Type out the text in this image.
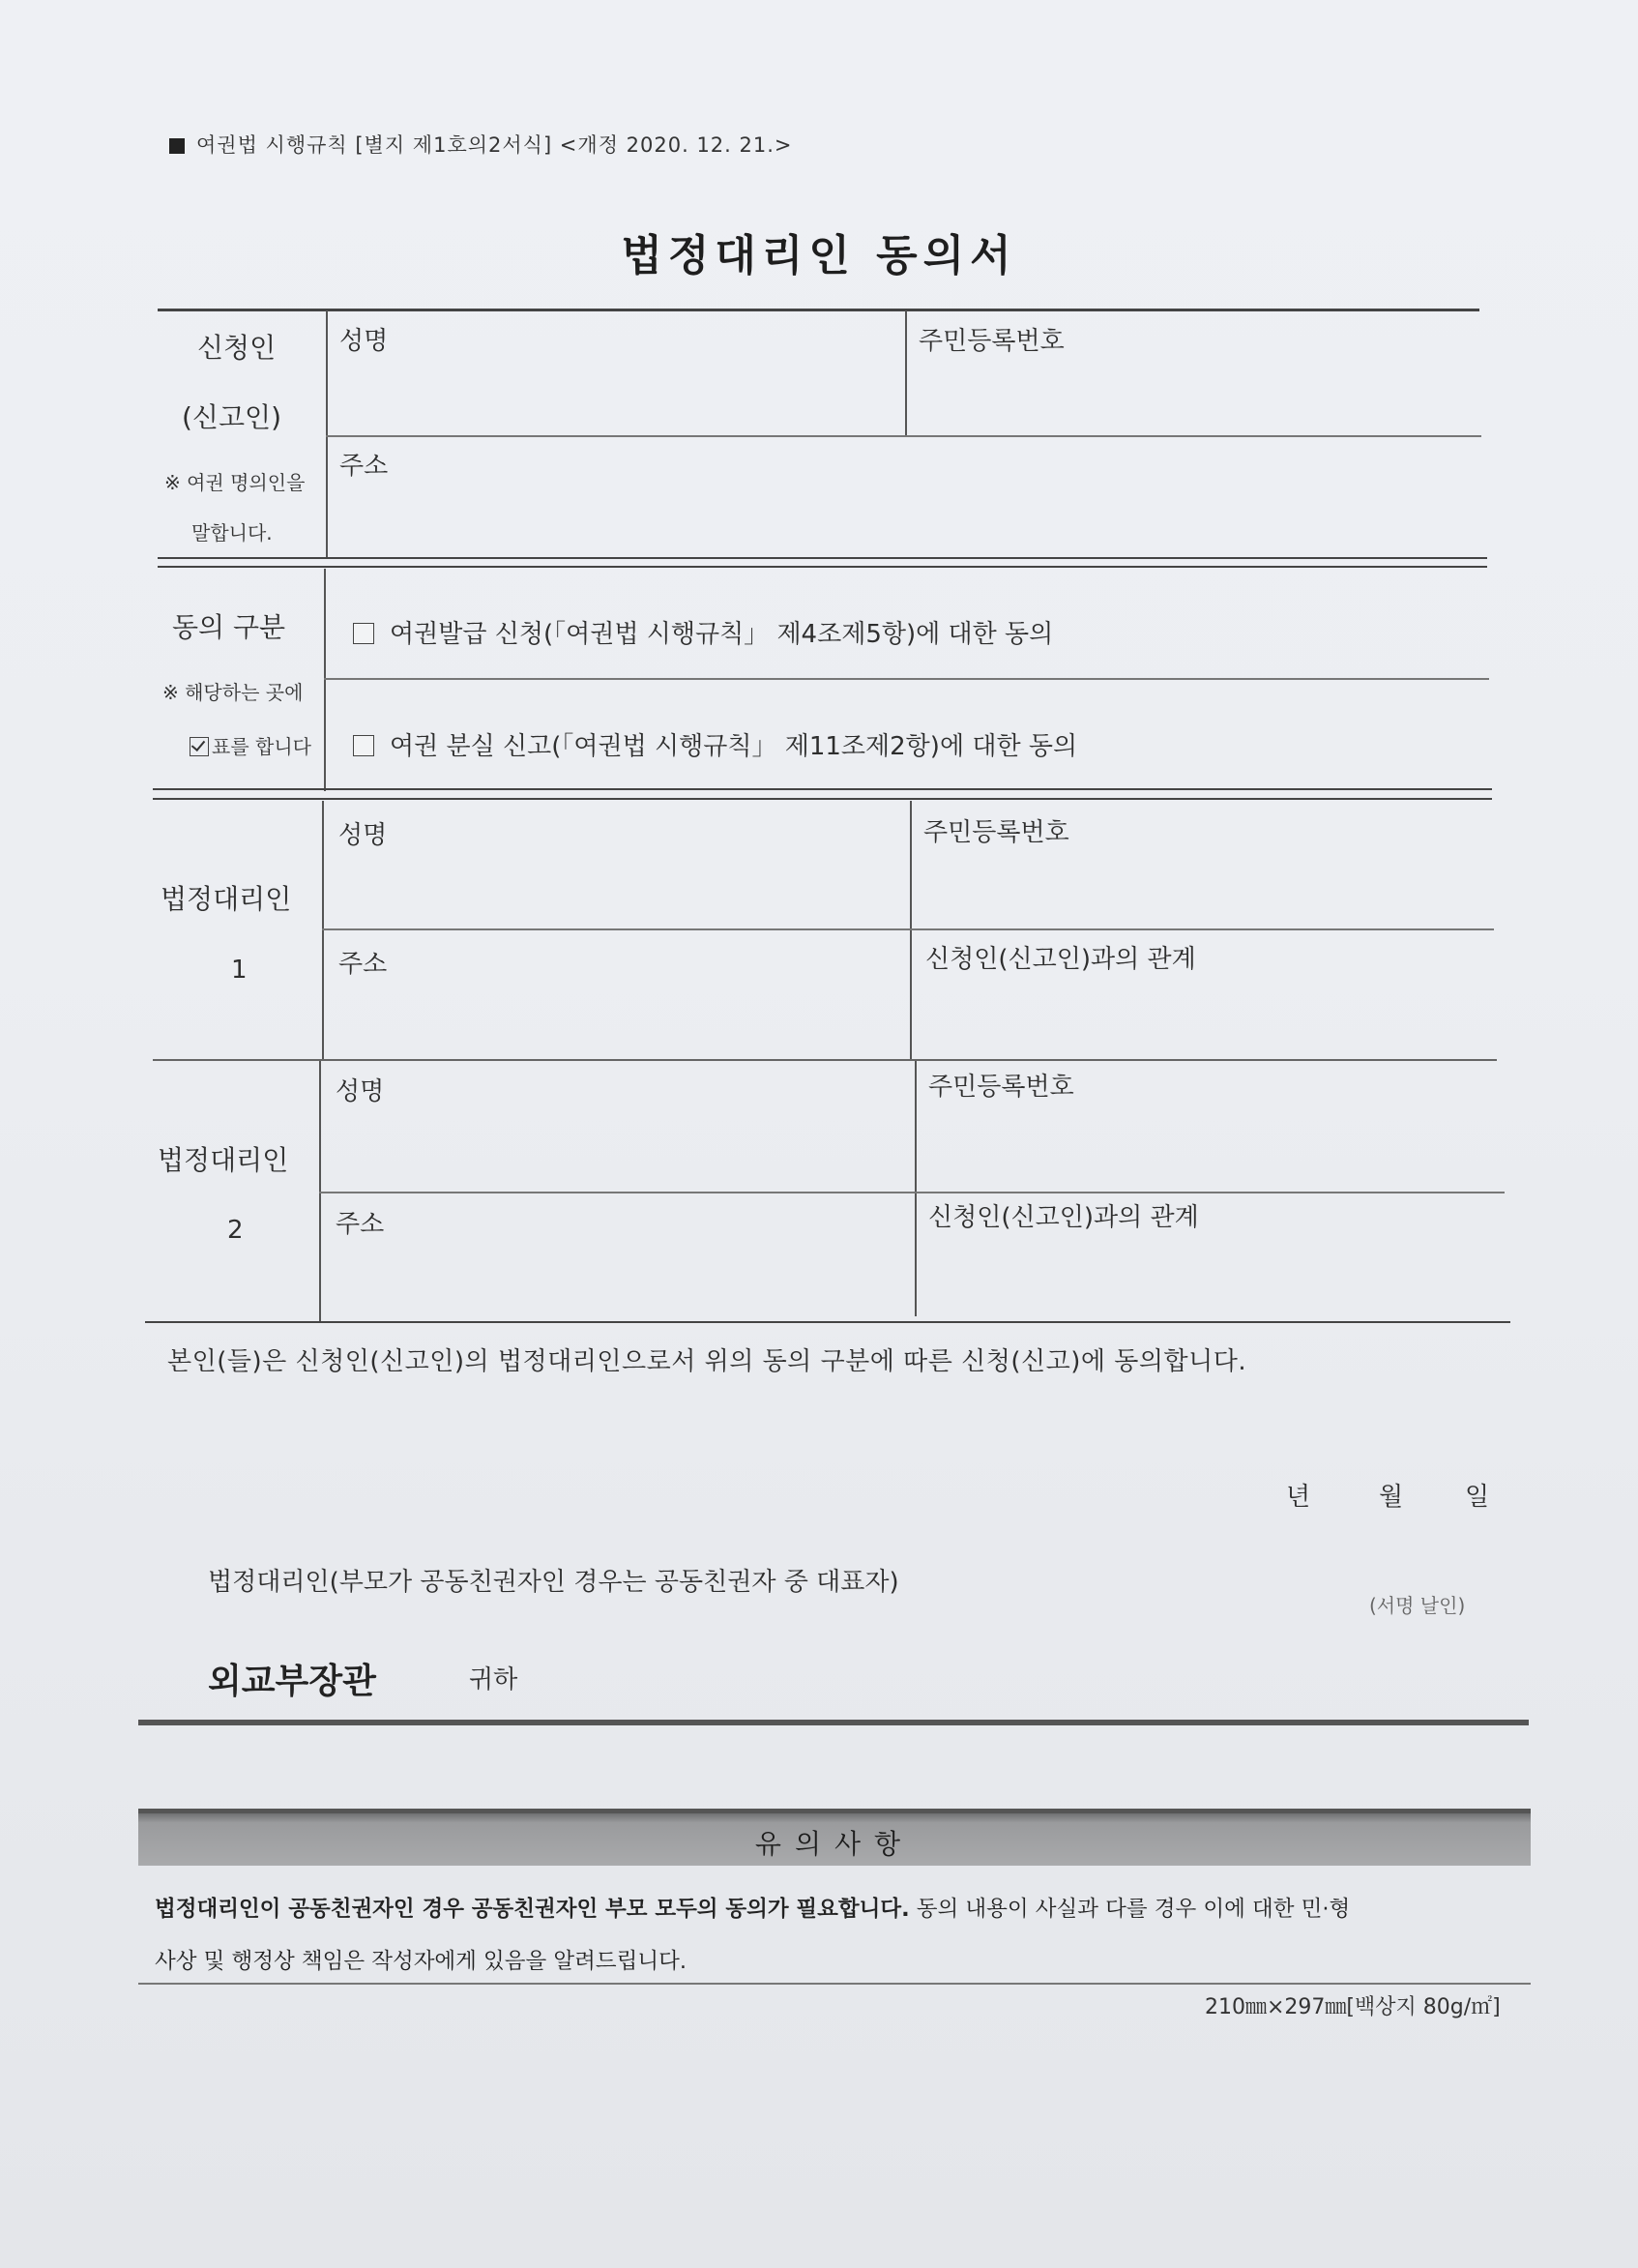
여권법 시행규칙 [별지 제1호의2서식] <개정 2020. 12. 21.>
법정대리인 동의서
신청인
(신고인)
※ 여권 명의인을
말합니다.
성명	주민등록번호
주소
동의 구분
※ 해당하는 곳에
표를 합니다
여권발급 신청(「여권법 시행규칙」 제4조제5항)에 대한 동의
여권 분실 신고(「여권법 시행규칙」 제11조제2항)에 대한 동의
법정대리인
1
성명	주민등록번호
주소	신청인(신고인)과의 관계
법정대리인
2
성명	주민등록번호
주소	신청인(신고인)과의 관계
본인(들)은 신청인(신고인)의 법정대리인으로서 위의 동의 구분에 따른 신청(신고)에 동의합니다.
년	월 일
법정대리인(부모가 공동친권자인 경우는 공동친권자 중 대표자)
(서명 날인)
외교부장관	귀하
유의사항
법정대리인이 공동친권자인 경우 공동친권자인 부모 모두의 동의가 필요합니다. 동의 내용이 사실과 다를 경우 이에 대한 민·형
사상 및 행정상 책임은 작성자에게 있음을 알려드립니다.
210㎜×297㎜[백상지 80g/㎡]
